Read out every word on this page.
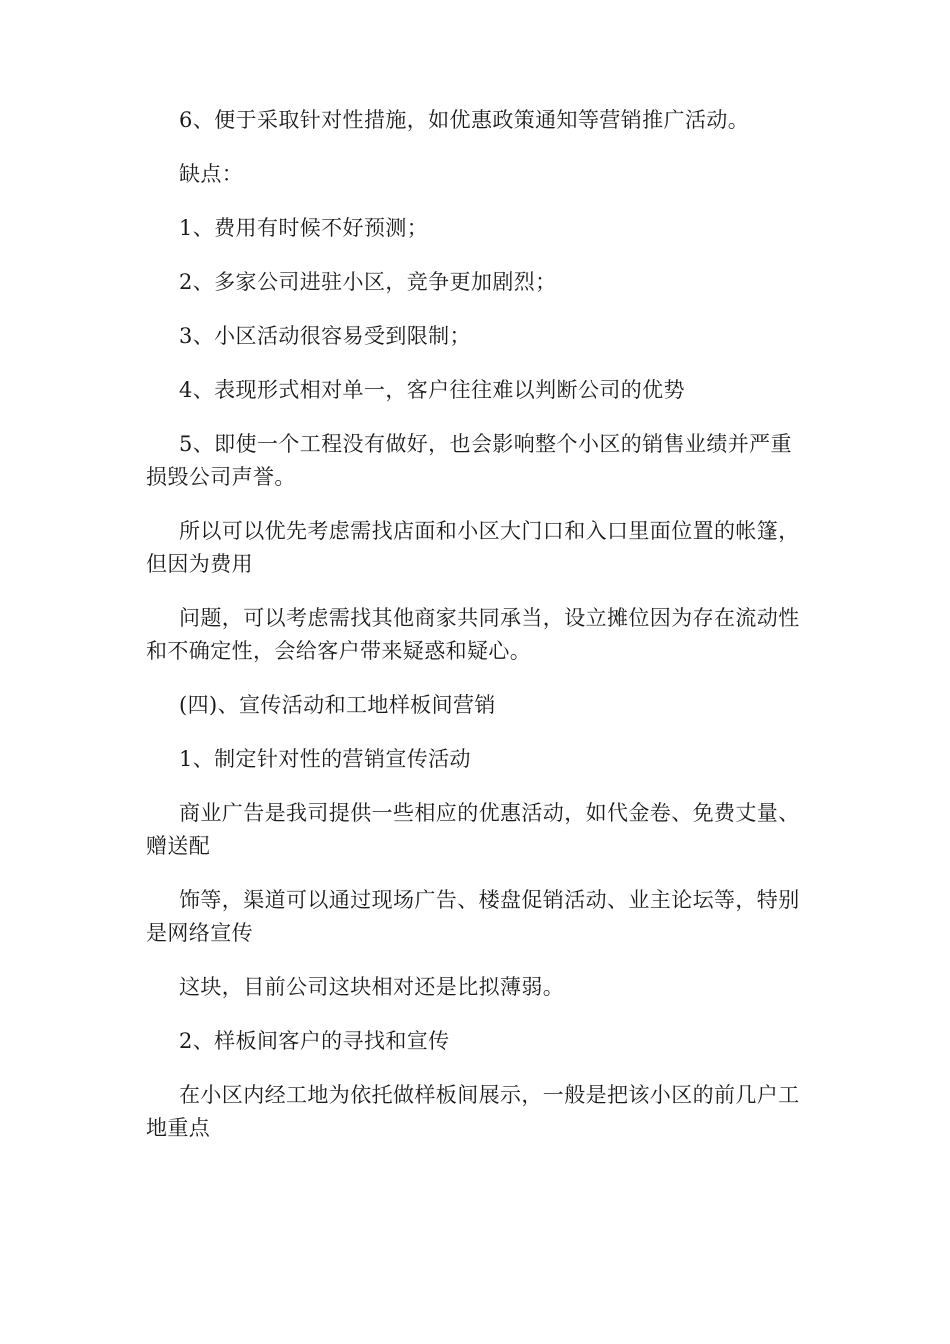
6、便于采取针对性措施，如优惠政策通知等营销推广活动。

缺点：

1、费用有时候不好预测；

2、多家公司进驻小区，竞争更加剧烈；

3、小区活动很容易受到限制；

4、表现形式相对单一，客户往往难以判断公司的优势

5、即使一个工程没有做好，也会影响整个小区的销售业绩并严重损毁公司声誉。

所以可以优先考虑需找店面和小区大门口和入口里面位置的帐篷，但因为费用

问题，可以考虑需找其他商家共同承当，设立摊位因为存在流动性和不确定性，会给客户带来疑惑和疑心。

(四)、宣传活动和工地样板间营销

1、制定针对性的营销宣传活动

商业广告是我司提供一些相应的优惠活动，如代金卷、免费丈量、赠送配

饰等，渠道可以通过现场广告、楼盘促销活动、业主论坛等，特别是网络宣传

这块，目前公司这块相对还是比拟薄弱。

2、样板间客户的寻找和宣传

在小区内经工地为依托做样板间展示，一般是把该小区的前几户工地重点
